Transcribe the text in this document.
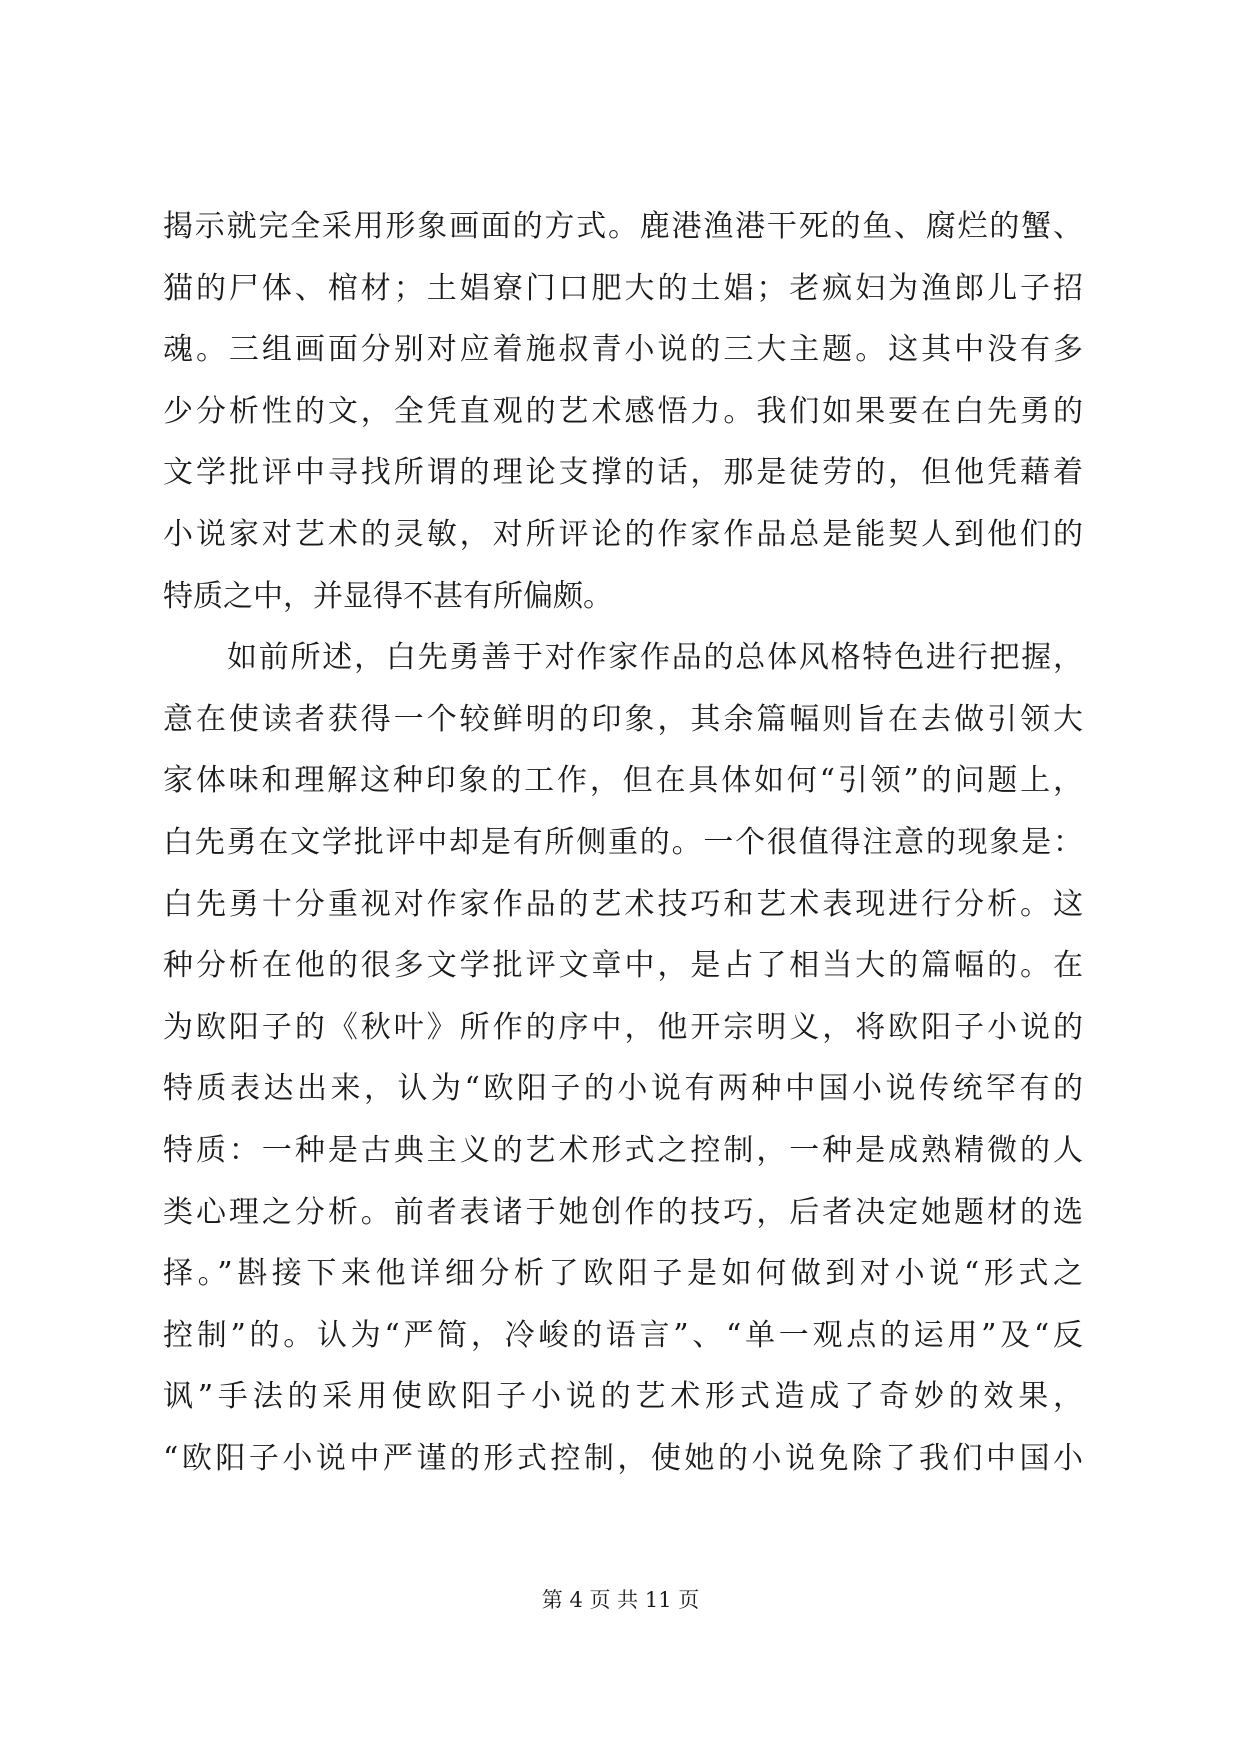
揭示就完全采用形象画面的方式。鹿港渔港干死的鱼、腐烂的蟹、
猫的尸体、棺材；土娼寮门口肥大的土娼；老疯妇为渔郎儿子招
魂。三组画面分别对应着施叔青小说的三大主题。这其中没有多
少分析性的文，全凭直观的艺术感悟力。我们如果要在白先勇的
文学批评中寻找所谓的理论支撑的话，那是徒劳的，但他凭藉着
小说家对艺术的灵敏，对所评论的作家作品总是能契人到他们的
特质之中，并显得不甚有所偏颇。
如前所述，白先勇善于对作家作品的总体风格特色进行把握，
意在使读者获得一个较鲜明的印象，其余篇幅则旨在去做引领大
家体味和理解这种印象的工作，但在具体如何“引领”的问题上，
白先勇在文学批评中却是有所侧重的。一个很值得注意的现象是：
白先勇十分重视对作家作品的艺术技巧和艺术表现进行分析。这
种分析在他的很多文学批评文章中，是占了相当大的篇幅的。在
为欧阳子的《秋叶》所作的序中，他开宗明义，将欧阳子小说的
特质表达出来，认为“欧阳子的小说有两种中国小说传统罕有的
特质：一种是古典主义的艺术形式之控制，一种是成熟精微的人
类心理之分析。前者表诸于她创作的技巧，后者决定她题材的选
择。”斟接下来他详细分析了欧阳子是如何做到对小说“形式之
控制”的。认为“严简，冷峻的语言”、“单一观点的运用”及“反
讽”手法的采用使欧阳子小说的艺术形式造成了奇妙的效果，
“欧阳子小说中严谨的形式控制，使她的小说免除了我们中国小
第 4 页 共 11 页
